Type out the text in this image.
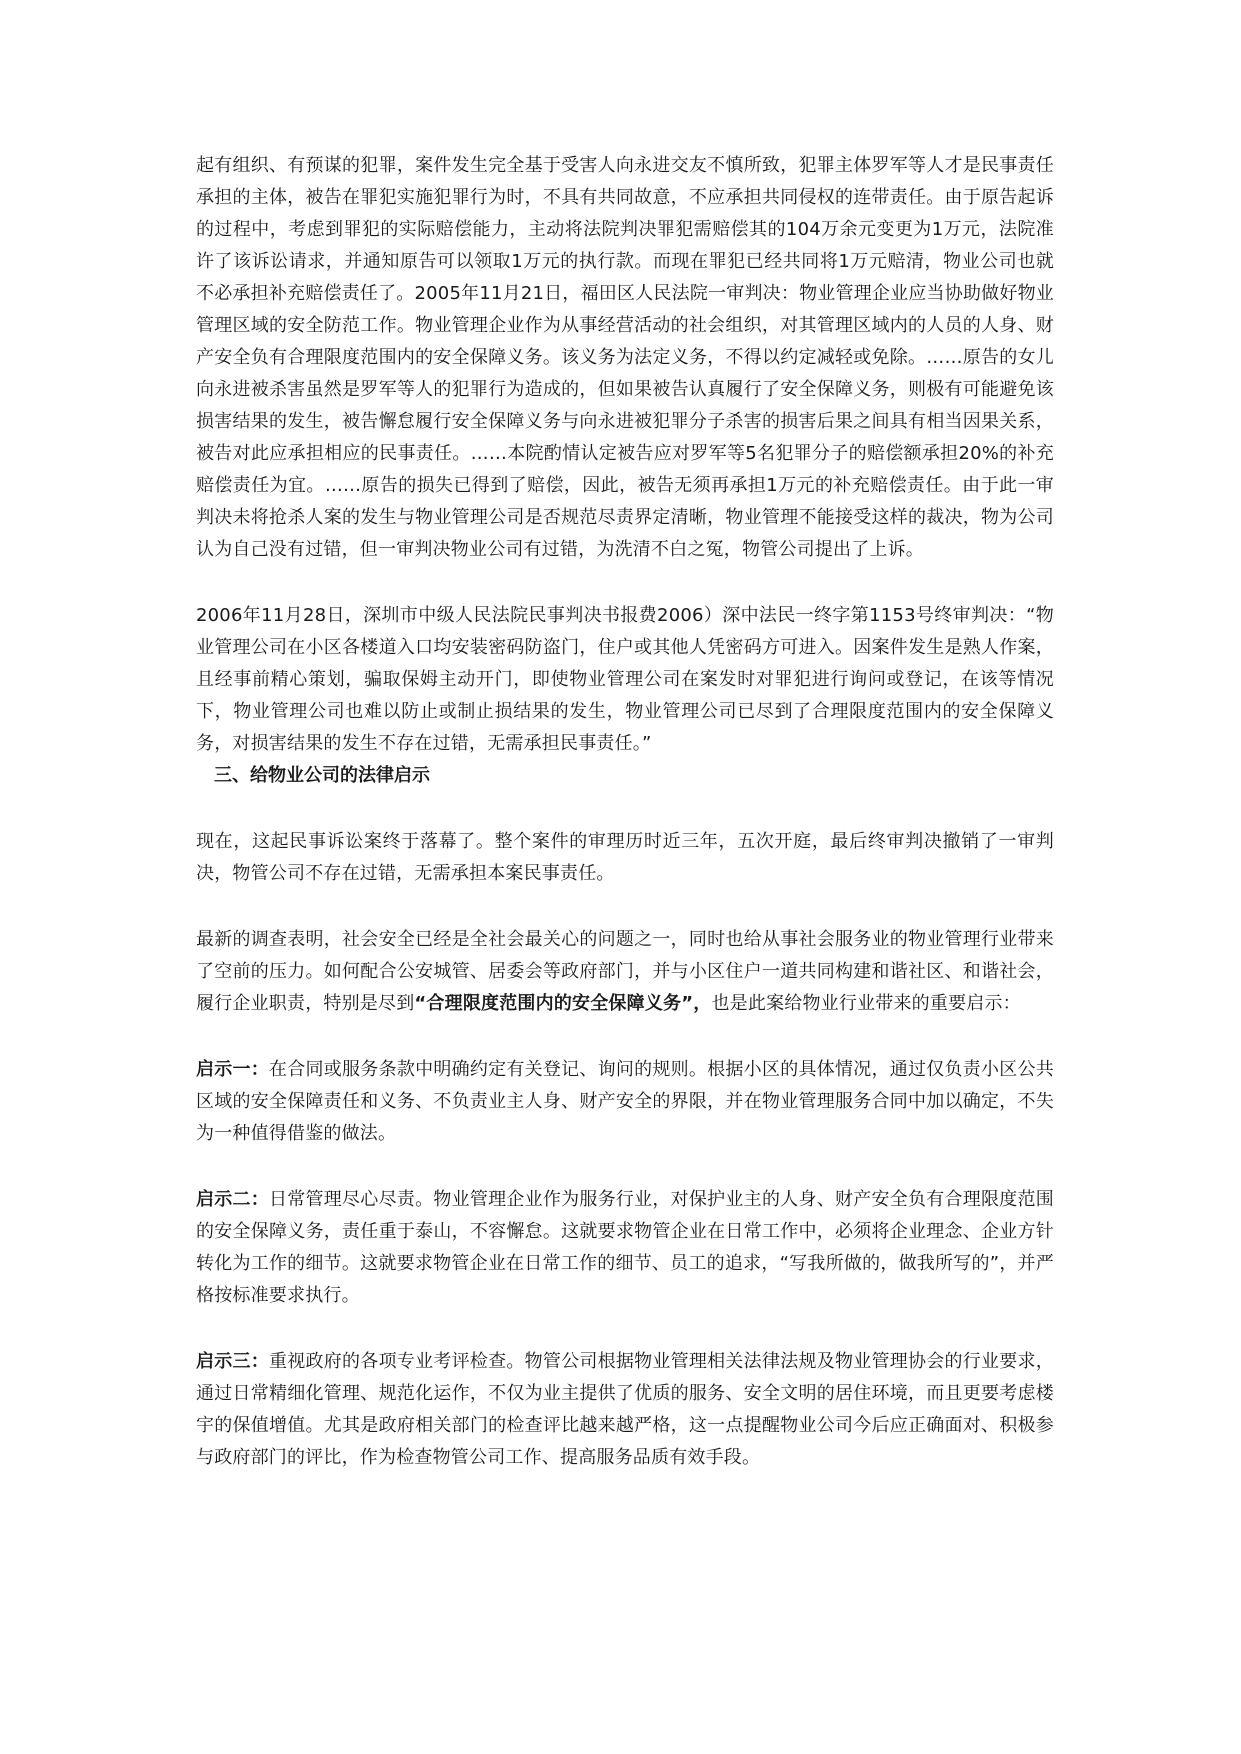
起有组织、有预谋的犯罪，案件发生完全基于受害人向永进交友不慎所致，犯罪主体罗军等人才是民事责任承担的主体，被告在罪犯实施犯罪行为时，不具有共同故意，不应承担共同侵权的连带责任。由于原告起诉的过程中，考虑到罪犯的实际赔偿能力，主动将法院判决罪犯需赔偿其的104万余元变更为1万元，法院准许了该诉讼请求，并通知原告可以领取1万元的执行款。而现在罪犯已经共同将1万元赔清，物业公司也就不必承担补充赔偿责任了。2005年11月21日，福田区人民法院一审判决：物业管理企业应当协助做好物业管理区域的安全防范工作。物业管理企业作为从事经营活动的社会组织，对其管理区域内的人员的人身、财产安全负有合理限度范围内的安全保障义务。该义务为法定义务，不得以约定减轻或免除。……原告的女儿向永进被杀害虽然是罗军等人的犯罪行为造成的，但如果被告认真履行了安全保障义务，则极有可能避免该损害结果的发生，被告懈怠履行安全保障义务与向永进被犯罪分子杀害的损害后果之间具有相当因果关系，被告对此应承担相应的民事责任。……本院酌情认定被告应对罗军等5名犯罪分子的赔偿额承担20%的补充赔偿责任为宜。……原告的损失已得到了赔偿，因此，被告无须再承担1万元的补充赔偿责任。由于此一审判决未将抢杀人案的发生与物业管理公司是否规范尽责界定清晰，物业管理不能接受这样的裁决，物为公司认为自己没有过错，但一审判决物业公司有过错，为洗清不白之冤，物管公司提出了上诉。

2006年11月28日，深圳市中级人民法院民事判决书报费2006）深中法民一终字第1153号终审判决：“物业管理公司在小区各楼道入口均安装密码防盗门，住户或其他人凭密码方可进入。因案件发生是熟人作案，且经事前精心策划，骗取保姆主动开门，即使物业管理公司在案发时对罪犯进行询问或登记，在该等情况下，物业管理公司也难以防止或制止损结果的发生，物业管理公司已尽到了合理限度范围内的安全保障义务，对损害结果的发生不存在过错，无需承担民事责任。”

三、给物业公司的法律启示

现在，这起民事诉讼案终于落幕了。整个案件的审理历时近三年，五次开庭，最后终审判决撤销了一审判决，物管公司不存在过错，无需承担本案民事责任。

最新的调查表明，社会安全已经是全社会最关心的问题之一，同时也给从事社会服务业的物业管理行业带来了空前的压力。如何配合公安城管、居委会等政府部门，并与小区住户一道共同构建和谐社区、和谐社会，履行企业职责，特别是尽到“合理限度范围内的安全保障义务”，也是此案给物业行业带来的重要启示：

启示一：在合同或服务条款中明确约定有关登记、询问的规则。根据小区的具体情况，通过仅负责小区公共区域的安全保障责任和义务、不负责业主人身、财产安全的界限，并在物业管理服务合同中加以确定，不失为一种值得借鉴的做法。

启示二：日常管理尽心尽责。物业管理企业作为服务行业，对保护业主的人身、财产安全负有合理限度范围的安全保障义务，责任重于泰山，不容懈怠。这就要求物管企业在日常工作中，必须将企业理念、企业方针转化为工作的细节。这就要求物管企业在日常工作的细节、员工的追求，“写我所做的，做我所写的”，并严格按标准要求执行。

启示三：重视政府的各项专业考评检查。物管公司根据物业管理相关法律法规及物业管理协会的行业要求，通过日常精细化管理、规范化运作，不仅为业主提供了优质的服务、安全文明的居住环境，而且更要考虑楼宇的保值增值。尤其是政府相关部门的检查评比越来越严格，这一点提醒物业公司今后应正确面对、积极参与政府部门的评比，作为检查物管公司工作、提高服务品质有效手段。
